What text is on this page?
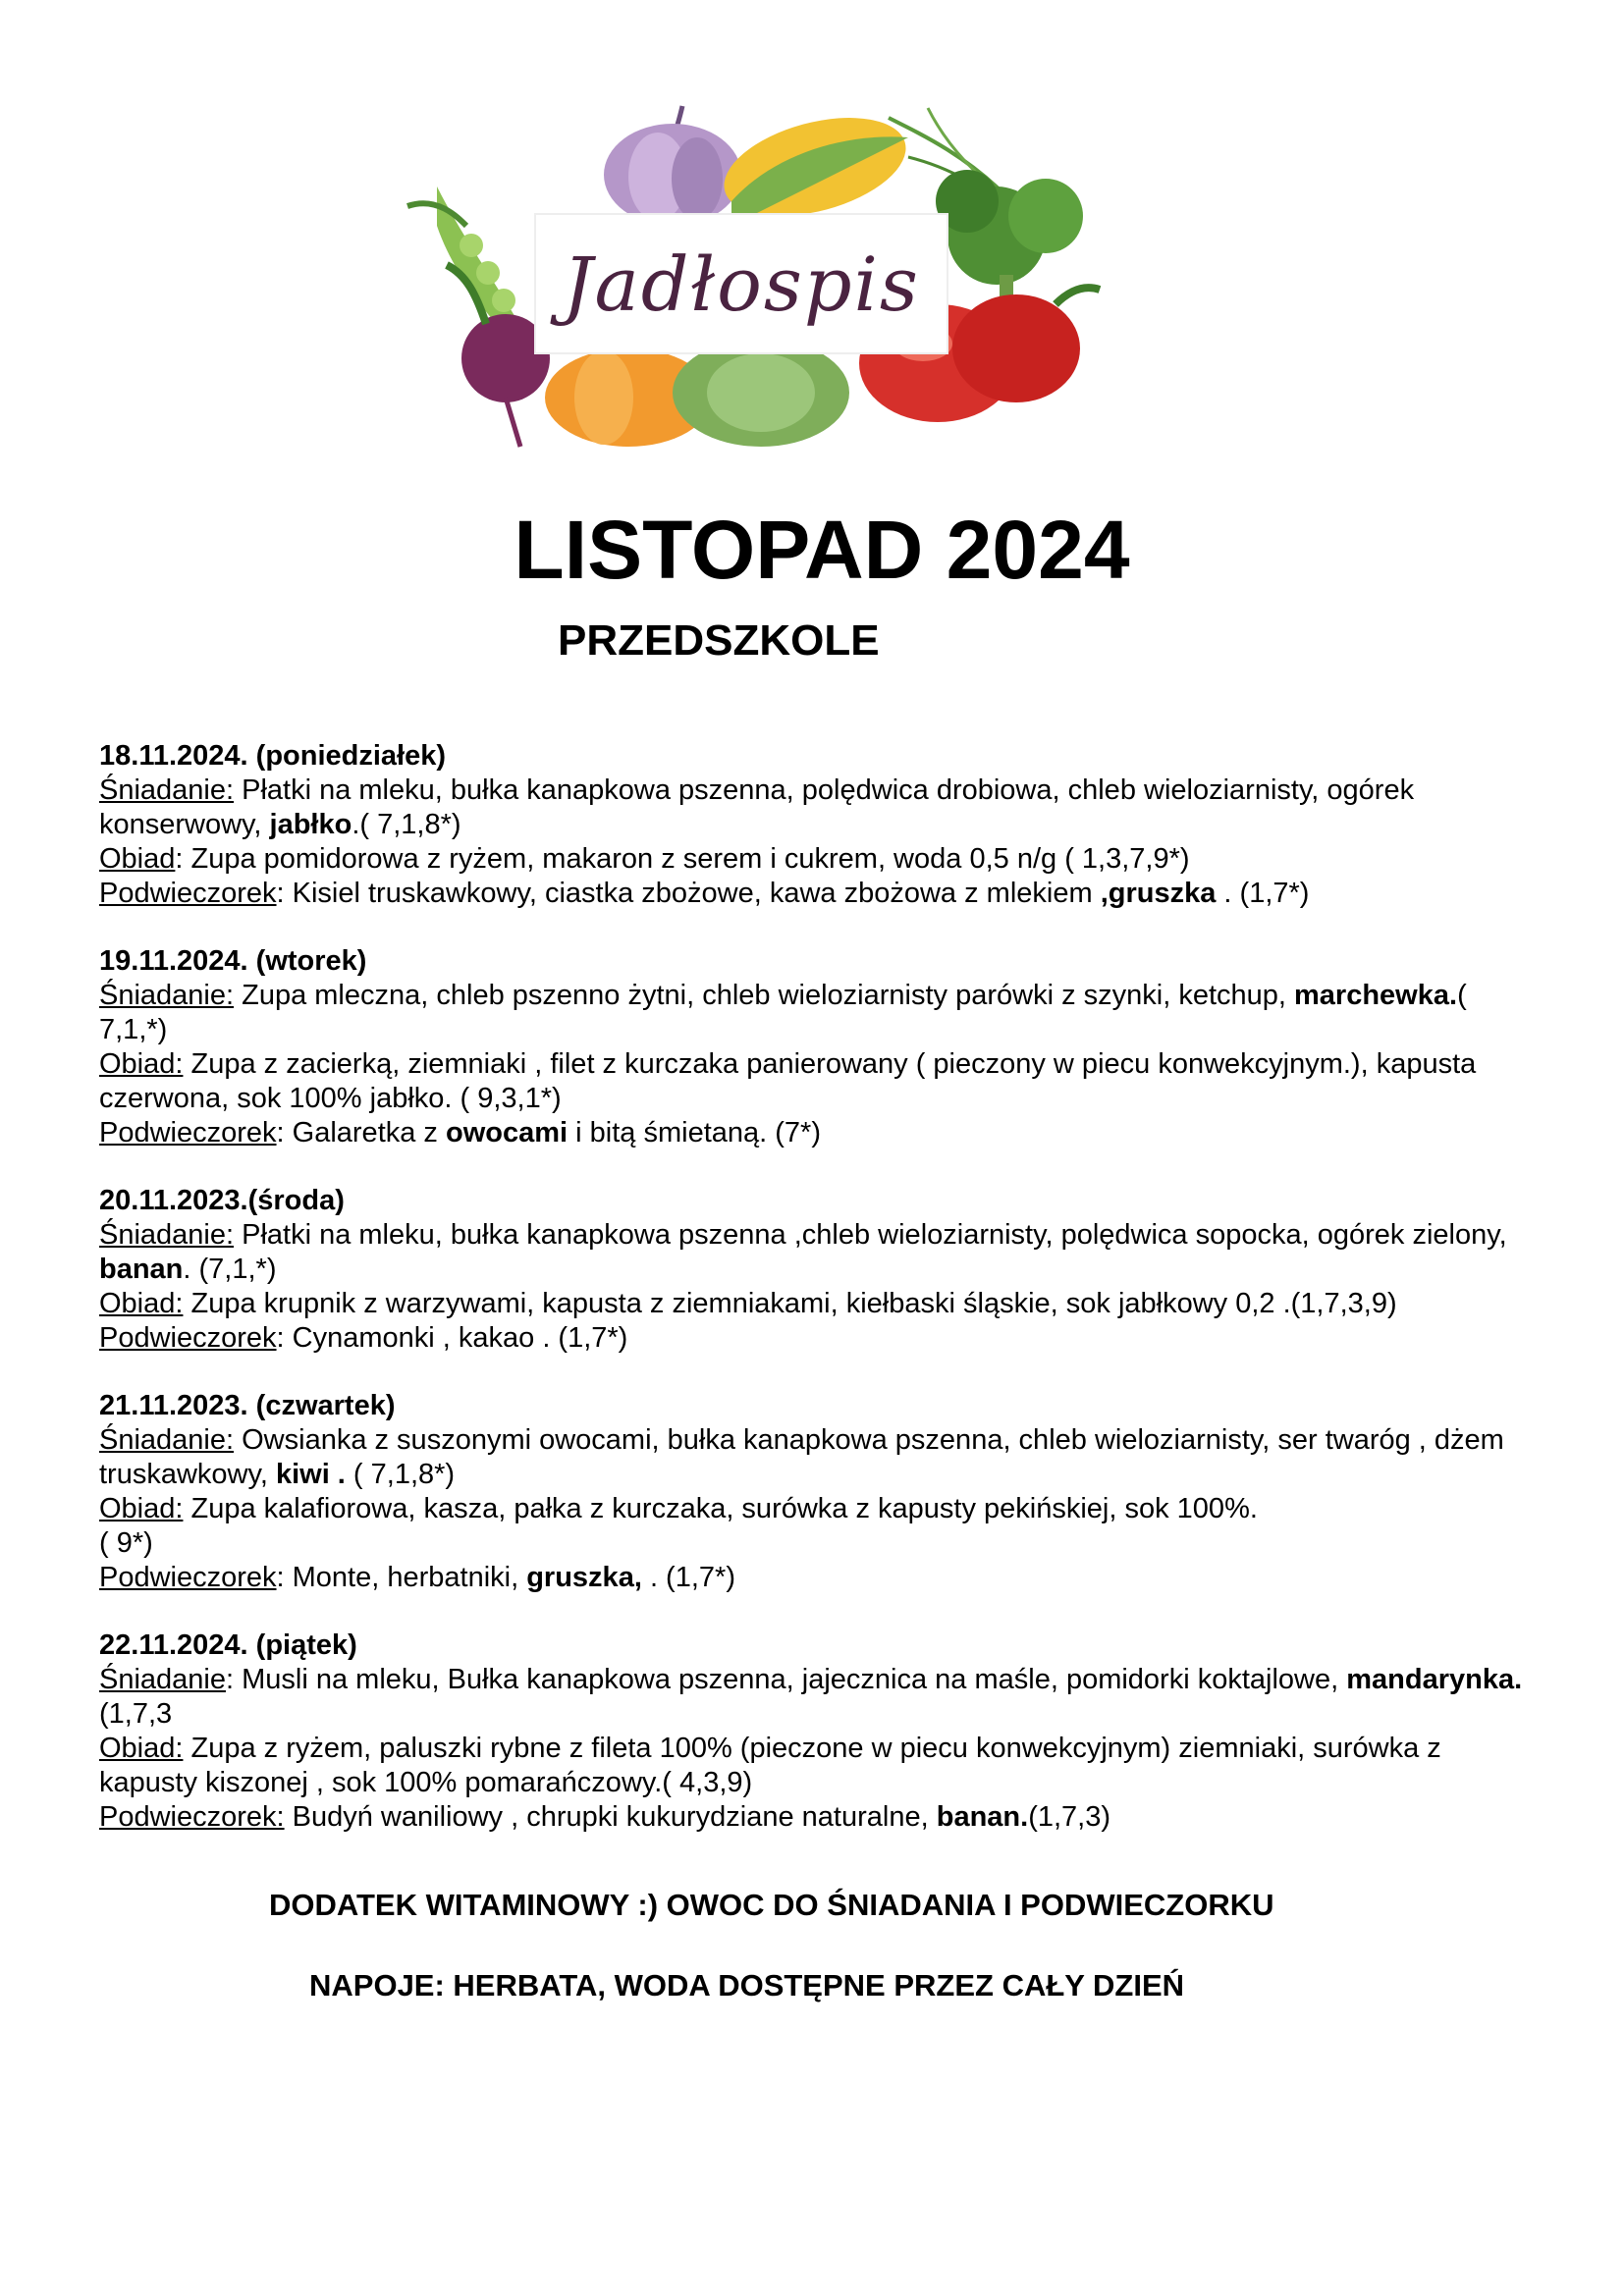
Jadłospis
LISTOPAD 2024
PRZEDSZKOLE
18.11.2024. (poniedziałek)
Śniadanie: Płatki na mleku, bułka kanapkowa pszenna, polędwica drobiowa, chleb wieloziarnisty, ogórek konserwowy, jabłko.( 7,1,8*)
Obiad: Zupa pomidorowa z ryżem, makaron z serem i cukrem, woda 0,5 n/g ( 1,3,7,9*)
Podwieczorek: Kisiel truskawkowy, ciastka zbożowe, kawa zbożowa z mlekiem ,gruszka . (1,7*)
19.11.2024. (wtorek)
Śniadanie: Zupa mleczna, chleb pszenno żytni, chleb wieloziarnisty parówki z szynki, ketchup, marchewka.( 7,1,*)
Obiad: Zupa z zacierką, ziemniaki , filet z kurczaka panierowany ( pieczony w piecu konwekcyjnym.), kapusta czerwona, sok 100% jabłko. ( 9,3,1*)
Podwieczorek: Galaretka z owocami i bitą śmietaną. (7*)
20.11.2023.(środa)
Śniadanie: Płatki na mleku, bułka kanapkowa pszenna ,chleb wieloziarnisty, polędwica sopocka, ogórek zielony, banan. (7,1,*)
Obiad: Zupa krupnik z warzywami, kapusta z ziemniakami, kiełbaski śląskie, sok jabłkowy 0,2 .(1,7,3,9)
Podwieczorek: Cynamonki , kakao . (1,7*)
21.11.2023. (czwartek)
Śniadanie: Owsianka z suszonymi owocami, bułka kanapkowa pszenna, chleb wieloziarnisty, ser twaróg , dżem truskawkowy, kiwi . ( 7,1,8*)
Obiad: Zupa kalafiorowa, kasza, pałka z kurczaka, surówka z kapusty pekińskiej, sok 100%.
( 9*)
Podwieczorek: Monte, herbatniki, gruszka, . (1,7*)
22.11.2024. (piątek)
Śniadanie: Musli na mleku, Bułka kanapkowa pszenna, jajecznica na maśle, pomidorki koktajlowe, mandarynka.(1,7,3
Obiad: Zupa z ryżem, paluszki rybne z fileta 100% (pieczone w piecu konwekcyjnym) ziemniaki, surówka z kapusty kiszonej , sok 100% pomarańczowy.( 4,3,9)
Podwieczorek: Budyń waniliowy , chrupki kukurydziane naturalne, banan.(1,7,3)
DODATEK WITAMINOWY :) OWOC DO ŚNIADANIA I PODWIECZORKU
NAPOJE: HERBATA, WODA DOSTĘPNE PRZEZ CAŁY DZIEŃ
